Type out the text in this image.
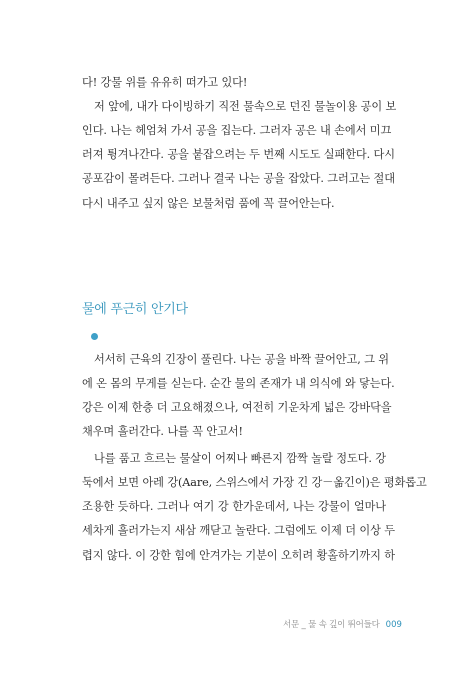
다! 강물 위를 유유히 떠가고 있다!
저 앞에, 내가 다이빙하기 직전 물속으로 던진 물놀이용 공이 보
인다. 나는 헤엄쳐 가서 공을 집는다. 그러자 공은 내 손에서 미끄
러져 튕겨나간다. 공을 붙잡으려는 두 번째 시도도 실패한다. 다시
공포감이 몰려든다. 그러나 결국 나는 공을 잡았다. 그러고는 절대
다시 내주고 싶지 않은 보물처럼 품에 꼭 끌어안는다.
물에 푸근히 안기다
서서히 근육의 긴장이 풀린다. 나는 공을 바짝 끌어안고, 그 위
에 온 몸의 무게를 싣는다. 순간 물의 존재가 내 의식에 와 닿는다.
강은 이제 한층 더 고요해졌으나, 여전히 기운차게 넓은 강바닥을
채우며 흘러간다. 나를 꼭 안고서!
나를 품고 흐르는 물살이 어찌나 빠른지 깜짝 놀랄 정도다. 강
둑에서 보면 아레 강(Aare, 스위스에서 가장 긴 강－옮긴이)은 평화롭고
조용한 듯하다. 그러나 여기 강 한가운데서, 나는 강물이 얼마나
세차게 흘러가는지 새삼 깨닫고 놀란다. 그럼에도 이제 더 이상 두
렵지 않다. 이 강한 힘에 안겨가는 기분이 오히려 황홀하기까지 하
서문 _ 물 속 깊이 뛰어들다 009
